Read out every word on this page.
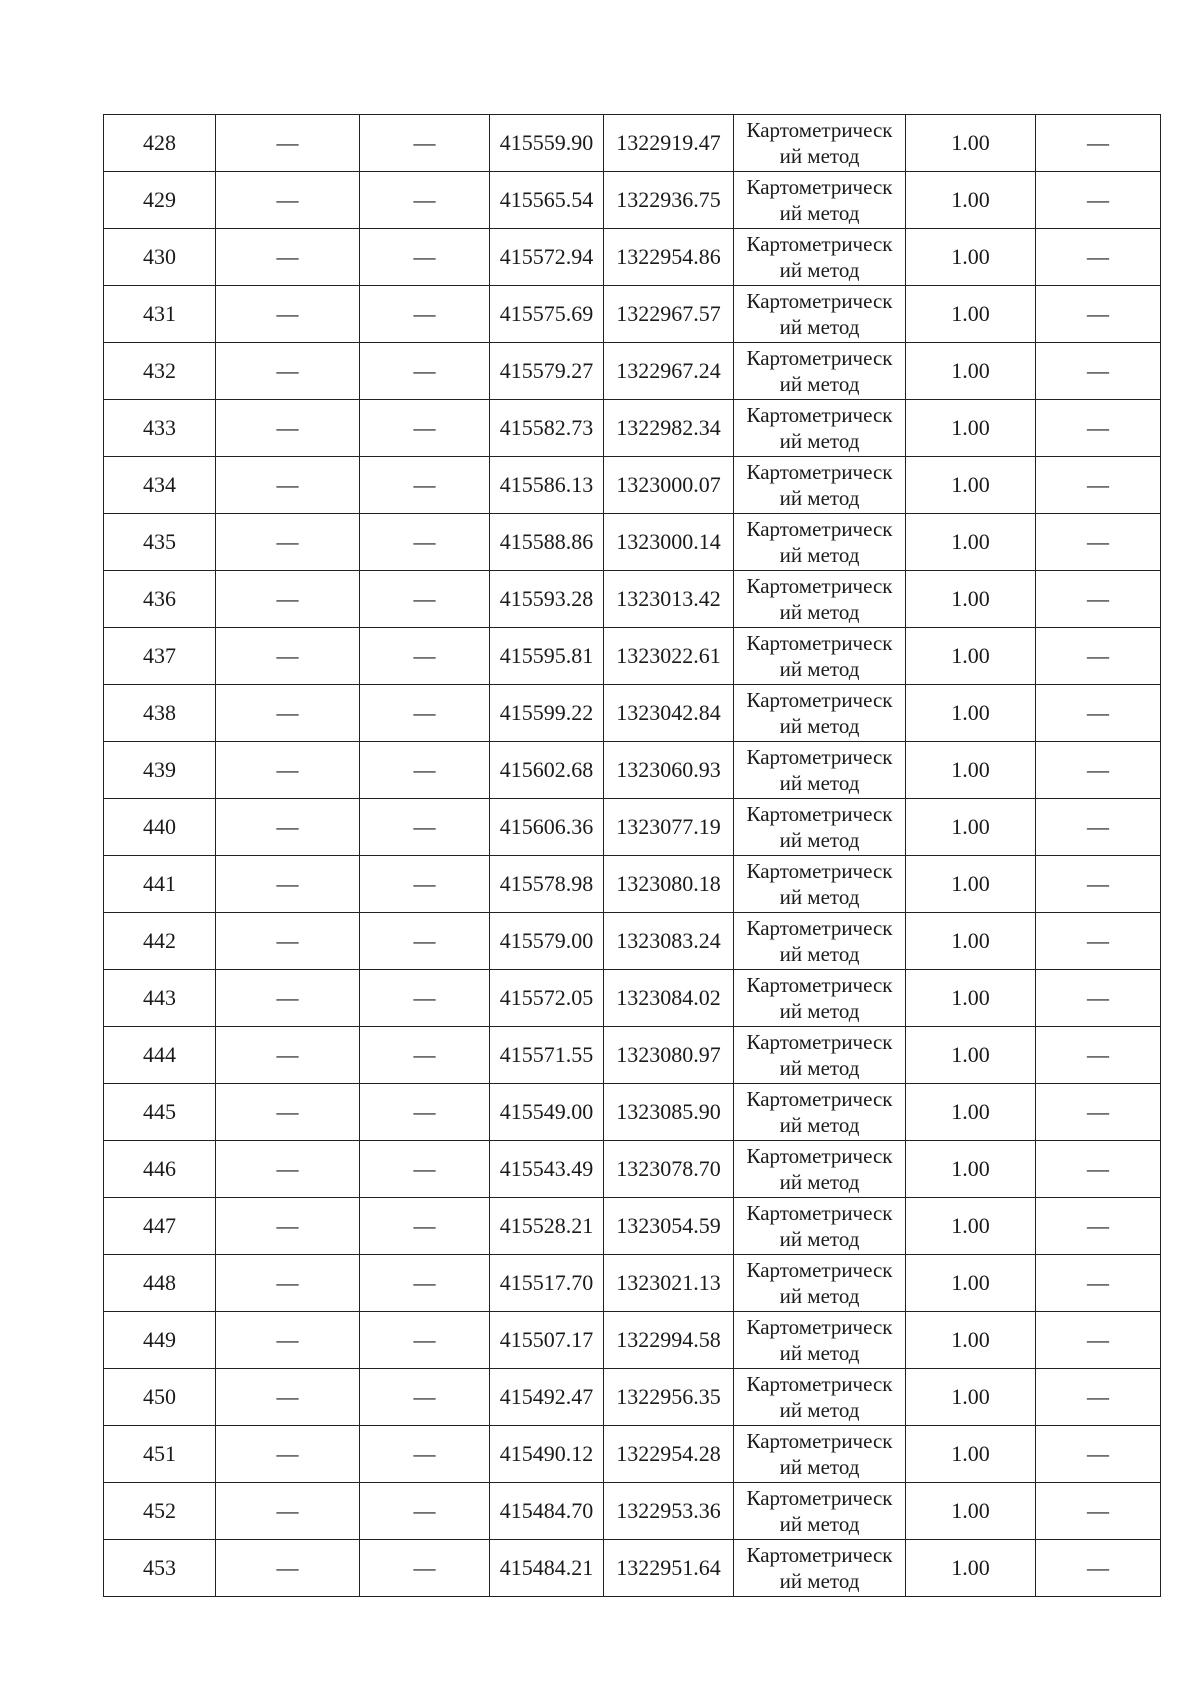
428	—	—	415559.90	1322919.47	Картометрический метод	1.00	—
429	—	—	415565.54	1322936.75	Картометрический метод	1.00	—
430	—	—	415572.94	1322954.86	Картометрический метод	1.00	—
431	—	—	415575.69	1322967.57	Картометрический метод	1.00	—
432	—	—	415579.27	1322967.24	Картометрический метод	1.00	—
433	—	—	415582.73	1322982.34	Картометрический метод	1.00	—
434	—	—	415586.13	1323000.07	Картометрический метод	1.00	—
435	—	—	415588.86	1323000.14	Картометрический метод	1.00	—
436	—	—	415593.28	1323013.42	Картометрический метод	1.00	—
437	—	—	415595.81	1323022.61	Картометрический метод	1.00	—
438	—	—	415599.22	1323042.84	Картометрический метод	1.00	—
439	—	—	415602.68	1323060.93	Картометрический метод	1.00	—
440	—	—	415606.36	1323077.19	Картометрический метод	1.00	—
441	—	—	415578.98	1323080.18	Картометрический метод	1.00	—
442	—	—	415579.00	1323083.24	Картометрический метод	1.00	—
443	—	—	415572.05	1323084.02	Картометрический метод	1.00	—
444	—	—	415571.55	1323080.97	Картометрический метод	1.00	—
445	—	—	415549.00	1323085.90	Картометрический метод	1.00	—
446	—	—	415543.49	1323078.70	Картометрический метод	1.00	—
447	—	—	415528.21	1323054.59	Картометрический метод	1.00	—
448	—	—	415517.70	1323021.13	Картометрический метод	1.00	—
449	—	—	415507.17	1322994.58	Картометрический метод	1.00	—
450	—	—	415492.47	1322956.35	Картометрический метод	1.00	—
451	—	—	415490.12	1322954.28	Картометрический метод	1.00	—
452	—	—	415484.70	1322953.36	Картометрический метод	1.00	—
453	—	—	415484.21	1322951.64	Картометрический метод	1.00	—
